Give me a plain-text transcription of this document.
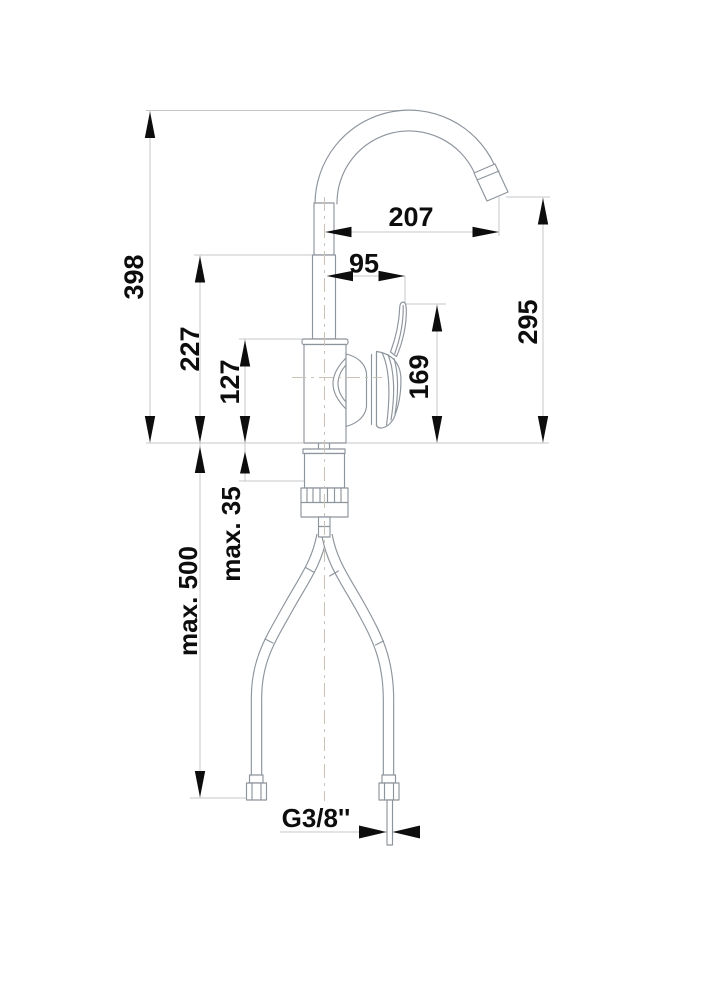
398
227
127
max. 500
max. 35
169
295
207
95
G3/8''
